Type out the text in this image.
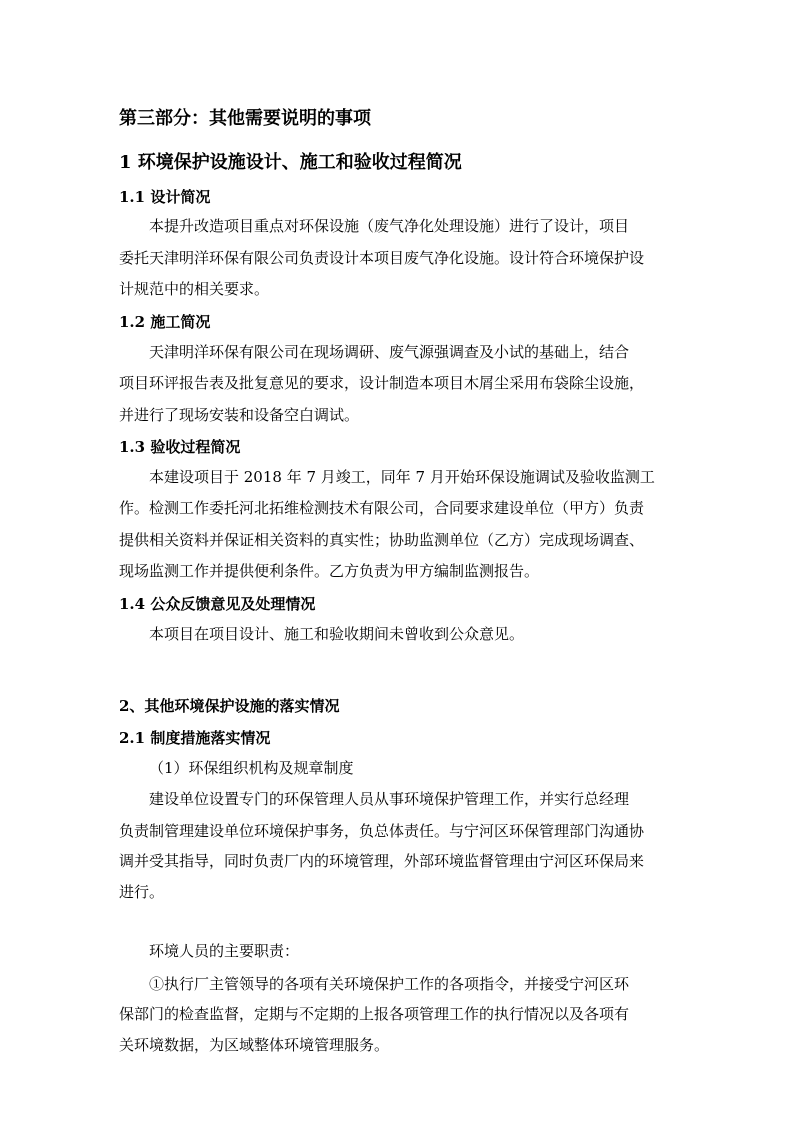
第三部分：其他需要说明的事项
1 环境保护设施设计、施工和验收过程简况
1.1 设计简况
本提升改造项目重点对环保设施（废气净化处理设施）进行了设计，项目
委托天津明洋环保有限公司负责设计本项目废气净化设施。设计符合环境保护设
计规范中的相关要求。
1.2 施工简况
天津明洋环保有限公司在现场调研、废气源强调查及小试的基础上，结合
项目环评报告表及批复意见的要求，设计制造本项目木屑尘采用布袋除尘设施，
并进行了现场安装和设备空白调试。
1.3 验收过程简况
本建设项目于 2018 年 7 月竣工，同年 7 月开始环保设施调试及验收监测工
作。检测工作委托河北拓维检测技术有限公司，合同要求建设单位（甲方）负责
提供相关资料并保证相关资料的真实性；协助监测单位（乙方）完成现场调查、
现场监测工作并提供便利条件。乙方负责为甲方编制监测报告。
1.4 公众反馈意见及处理情况
本项目在项目设计、施工和验收期间未曾收到公众意见。
2、其他环境保护设施的落实情况
2.1 制度措施落实情况
（1）环保组织机构及规章制度
建设单位设置专门的环保管理人员从事环境保护管理工作，并实行总经理
负责制管理建设单位环境保护事务，负总体责任。与宁河区环保管理部门沟通协
调并受其指导，同时负责厂内的环境管理，外部环境监督管理由宁河区环保局来
进行。
环境人员的主要职责：
①执行厂主管领导的各项有关环境保护工作的各项指令，并接受宁河区环
保部门的检查监督，定期与不定期的上报各项管理工作的执行情况以及各项有
关环境数据，为区域整体环境管理服务。
